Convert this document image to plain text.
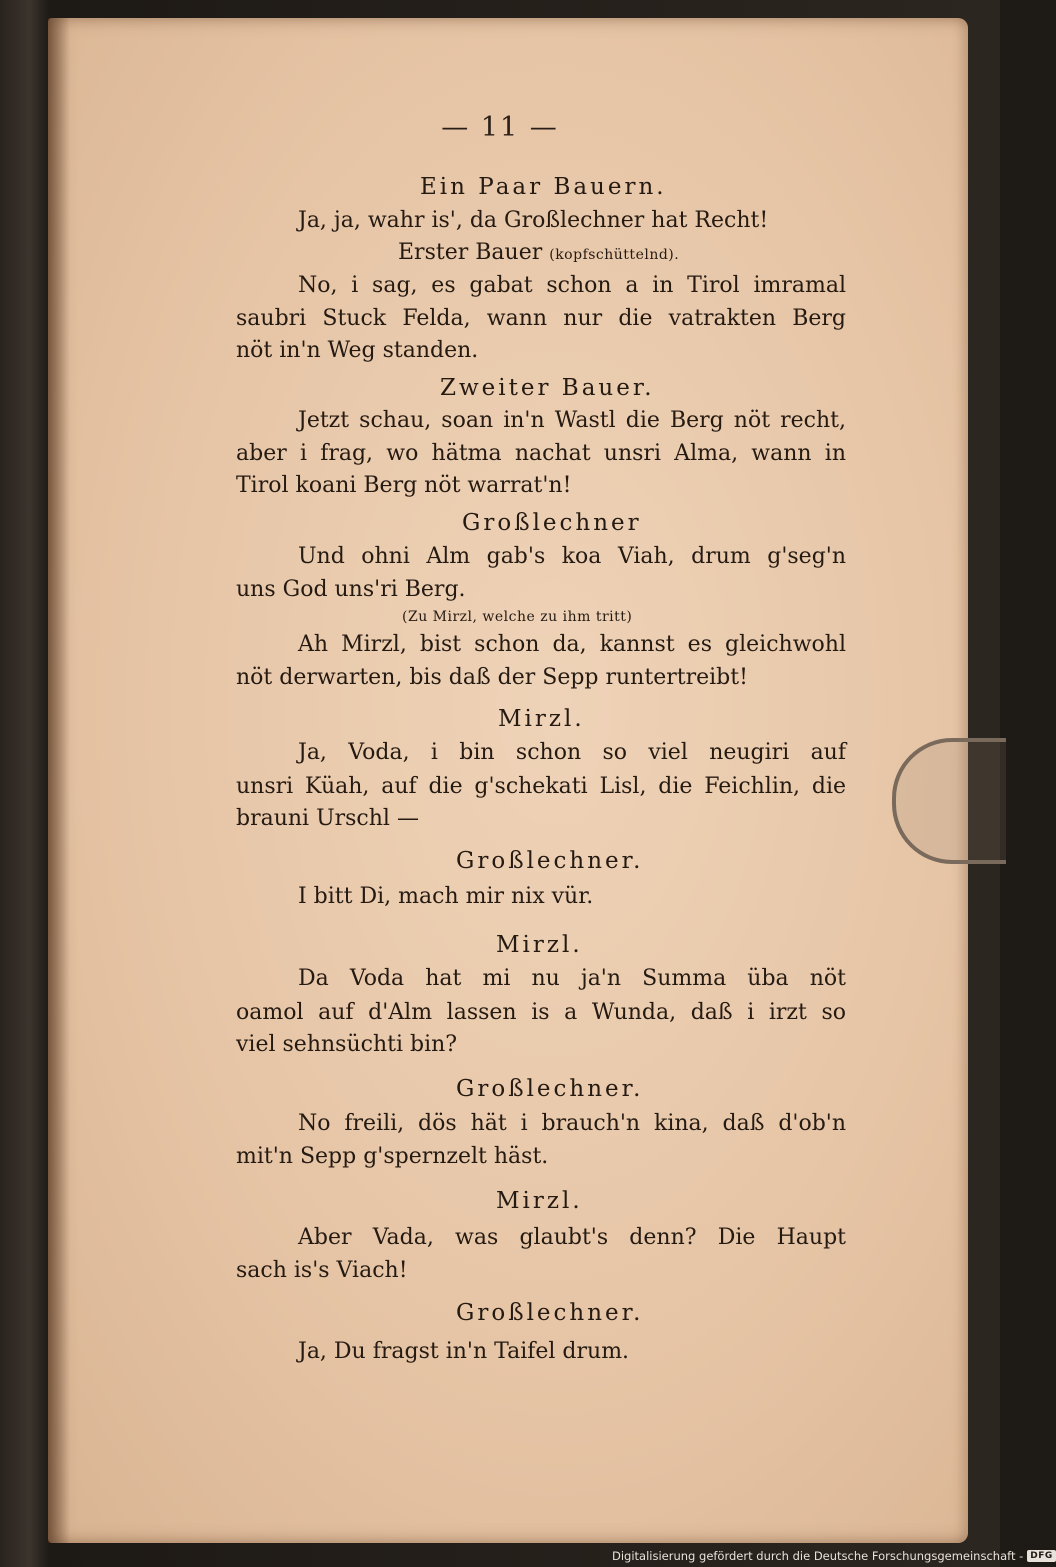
— 11 —
Ein Paar Bauern.
Ja, ja, wahr is', da Großlechner hat Recht!
Erster Bauer (kopfschüttelnd).
No, i sag, es gabat schon a in Tirol imramal
saubri Stuck Felda, wann nur die vatrakten Berg
nöt in'n Weg standen.
Zweiter Bauer.
Jetzt schau, soan in'n Wastl die Berg nöt recht,
aber i frag, wo hätma nachat unsri Alma, wann in
Tirol koani Berg nöt warrat'n!
Großlechner
Und ohni Alm gab's koa Viah, drum g'seg'n
uns God uns'ri Berg.
(Zu Mirzl, welche zu ihm tritt)
Ah Mirzl, bist schon da, kannst es gleichwohl
nöt derwarten, bis daß der Sepp runtertreibt!
Mirzl.
Ja, Voda, i bin schon so viel neugiri auf
unsri Küah, auf die g'schekati Lisl, die Feichlin, die
brauni Urschl —
Großlechner.
I bitt Di, mach mir nix vür.
Mirzl.
Da Voda hat mi nu ja'n Summa üba nöt
oamol auf d'Alm lassen is a Wunda, daß i irzt so
viel sehnsüchti bin?
Großlechner.
No freili, dös hät i brauch'n kina, daß d'ob'n
mit'n Sepp g'spernzelt häst.
Mirzl.
Aber Vada, was glaubt's denn? Die Haupt
sach is's Viach!
Großlechner.
Ja, Du fragst in'n Taifel drum.
Digitalisierung gefördert durch die Deutsche Forschungsgemeinschaft - DFG
